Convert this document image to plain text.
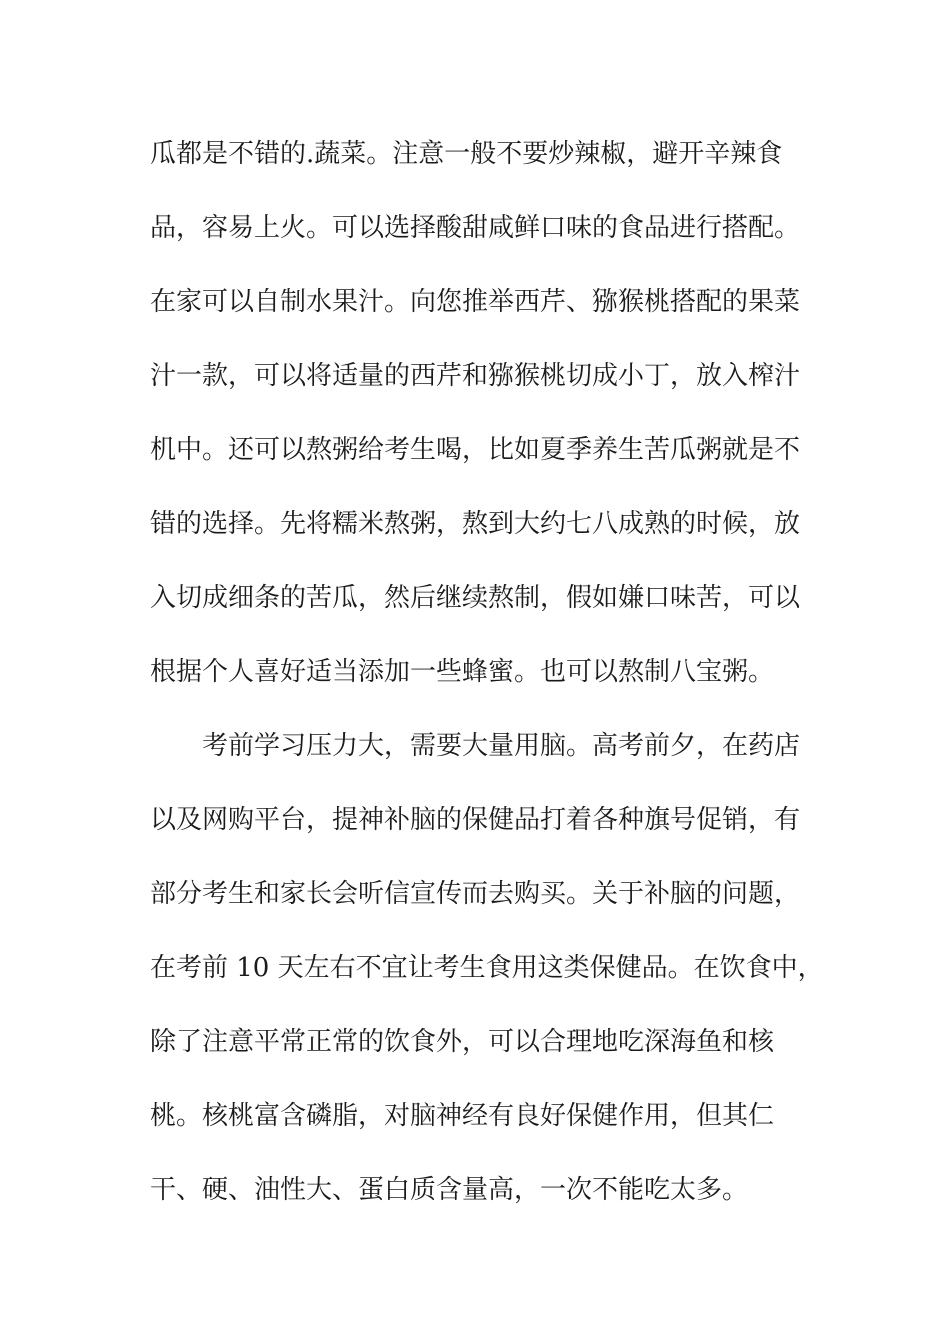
瓜都是不错的.蔬菜。注意一般不要炒辣椒，避开辛辣食
品，容易上火。可以选择酸甜咸鲜口味的食品进行搭配。
在家可以自制水果汁。向您推举西芹、猕猴桃搭配的果菜
汁一款，可以将适量的西芹和猕猴桃切成小丁，放入榨汁
机中。还可以熬粥给考生喝，比如夏季养生苦瓜粥就是不
错的选择。先将糯米熬粥，熬到大约七八成熟的时候，放
入切成细条的苦瓜，然后继续熬制，假如嫌口味苦，可以
根据个人喜好适当添加一些蜂蜜。也可以熬制八宝粥。
考前学习压力大，需要大量用脑。高考前夕，在药店
以及网购平台，提神补脑的保健品打着各种旗号促销，有
部分考生和家长会听信宣传而去购买。关于补脑的问题，
在考前 10 天左右不宜让考生食用这类保健品。在饮食中，
除了注意平常正常的饮食外，可以合理地吃深海鱼和核
桃。核桃富含磷脂，对脑神经有良好保健作用，但其仁
干、硬、油性大、蛋白质含量高，一次不能吃太多。
